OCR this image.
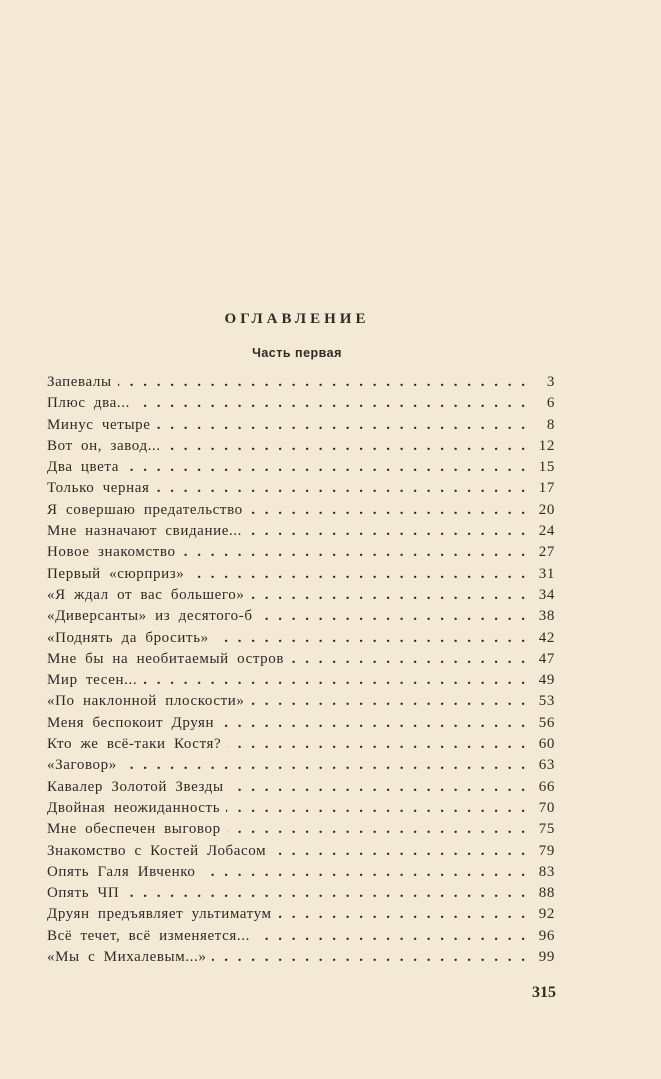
ОГЛАВЛЕНИЕ
Часть первая
Запевалы . . .	3
Плюс два... . . .	6
Минус четыре . . .	8
Вот он, завод... . . .	12
Два цвета . . .	15
Только черная . . .	17
Я совершаю предательство . . .	20
Мне назначают свидание... . . .	24
Новое знакомство . . .	27
Первый «сюрприз» . . .	31
«Я ждал от вас большего» . . .	34
«Диверсанты» из десятого-б . . .	38
«Поднять да бросить» . . .	42
Мне бы на необитаемый остров . . .	47
Мир тесен... . . .	49
«По наклонной плоскости» . . .	53
Меня беспокоит Друян . . .	56
Кто же всё-таки Костя? . . .	60
«Заговор» . . .	63
Кавалер Золотой Звезды . . .	66
Двойная неожиданность . . .	70
Мне обеспечен выговор . . .	75
Знакомство с Костей Лобасом . . .	79
Опять Галя Ивченко . . .	83
Опять ЧП . . .	88
Друян предъявляет ультиматум . . .	92
Всё течет, всё изменяется... . . .	96
«Мы с Михалевым...» . . .	99
315
